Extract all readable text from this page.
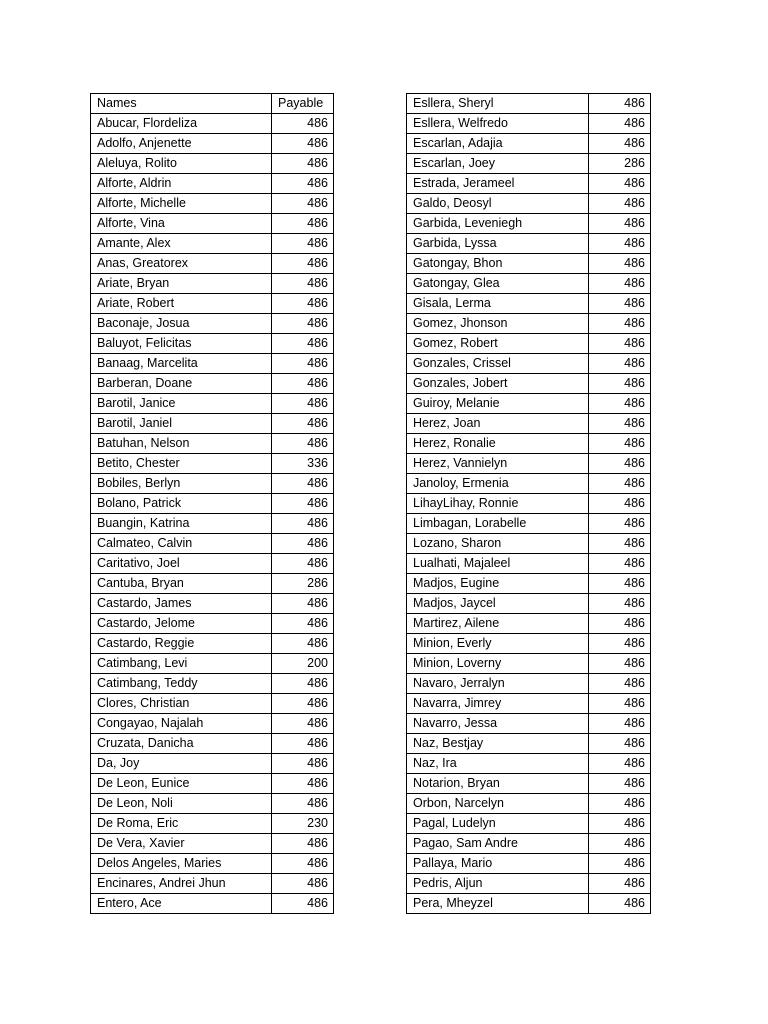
Names	Payable
Abucar, Flordeliza	486
Adolfo, Anjenette	486
Aleluya, Rolito	486
Alforte, Aldrin	486
Alforte, Michelle	486
Alforte, Vina	486
Amante, Alex	486
Anas, Greatorex	486
Ariate, Bryan	486
Ariate, Robert	486
Baconaje, Josua	486
Baluyot, Felicitas	486
Banaag, Marcelita	486
Barberan, Doane	486
Barotil, Janice	486
Barotil, Janiel	486
Batuhan, Nelson	486
Betito, Chester	336
Bobiles, Berlyn	486
Bolano, Patrick	486
Buangin, Katrina	486
Calmateo, Calvin	486
Caritativo, Joel	486
Cantuba, Bryan	286
Castardo, James	486
Castardo, Jelome	486
Castardo, Reggie	486
Catimbang, Levi	200
Catimbang, Teddy	486
Clores, Christian	486
Congayao, Najalah	486
Cruzata, Danicha	486
Da, Joy	486
De Leon, Eunice	486
De Leon, Noli	486
De Roma, Eric	230
De Vera, Xavier	486
Delos Angeles, Maries	486
Encinares, Andrei Jhun	486
Entero, Ace	486
Esllera, Sheryl	486
Esllera, Welfredo	486
Escarlan, Adajia	486
Escarlan, Joey	286
Estrada, Jerameel	486
Galdo, Deosyl	486
Garbida, Leveniegh	486
Garbida, Lyssa	486
Gatongay, Bhon	486
Gatongay, Glea	486
Gisala, Lerma	486
Gomez, Jhonson	486
Gomez, Robert	486
Gonzales, Crissel	486
Gonzales, Jobert	486
Guiroy, Melanie	486
Herez, Joan	486
Herez, Ronalie	486
Herez, Vannielyn	486
Janoloy, Ermenia	486
LihayLihay, Ronnie	486
Limbagan, Lorabelle	486
Lozano, Sharon	486
Lualhati, Majaleel	486
Madjos, Eugine	486
Madjos, Jaycel	486
Martirez, Ailene	486
Minion, Everly	486
Minion, Loverny	486
Navaro, Jerralyn	486
Navarra, Jimrey	486
Navarro, Jessa	486
Naz, Bestjay	486
Naz, Ira	486
Notarion, Bryan	486
Orbon, Narcelyn	486
Pagal, Ludelyn	486
Pagao, Sam Andre	486
Pallaya, Mario	486
Pedris, Aljun	486
Pera, Mheyzel	486
